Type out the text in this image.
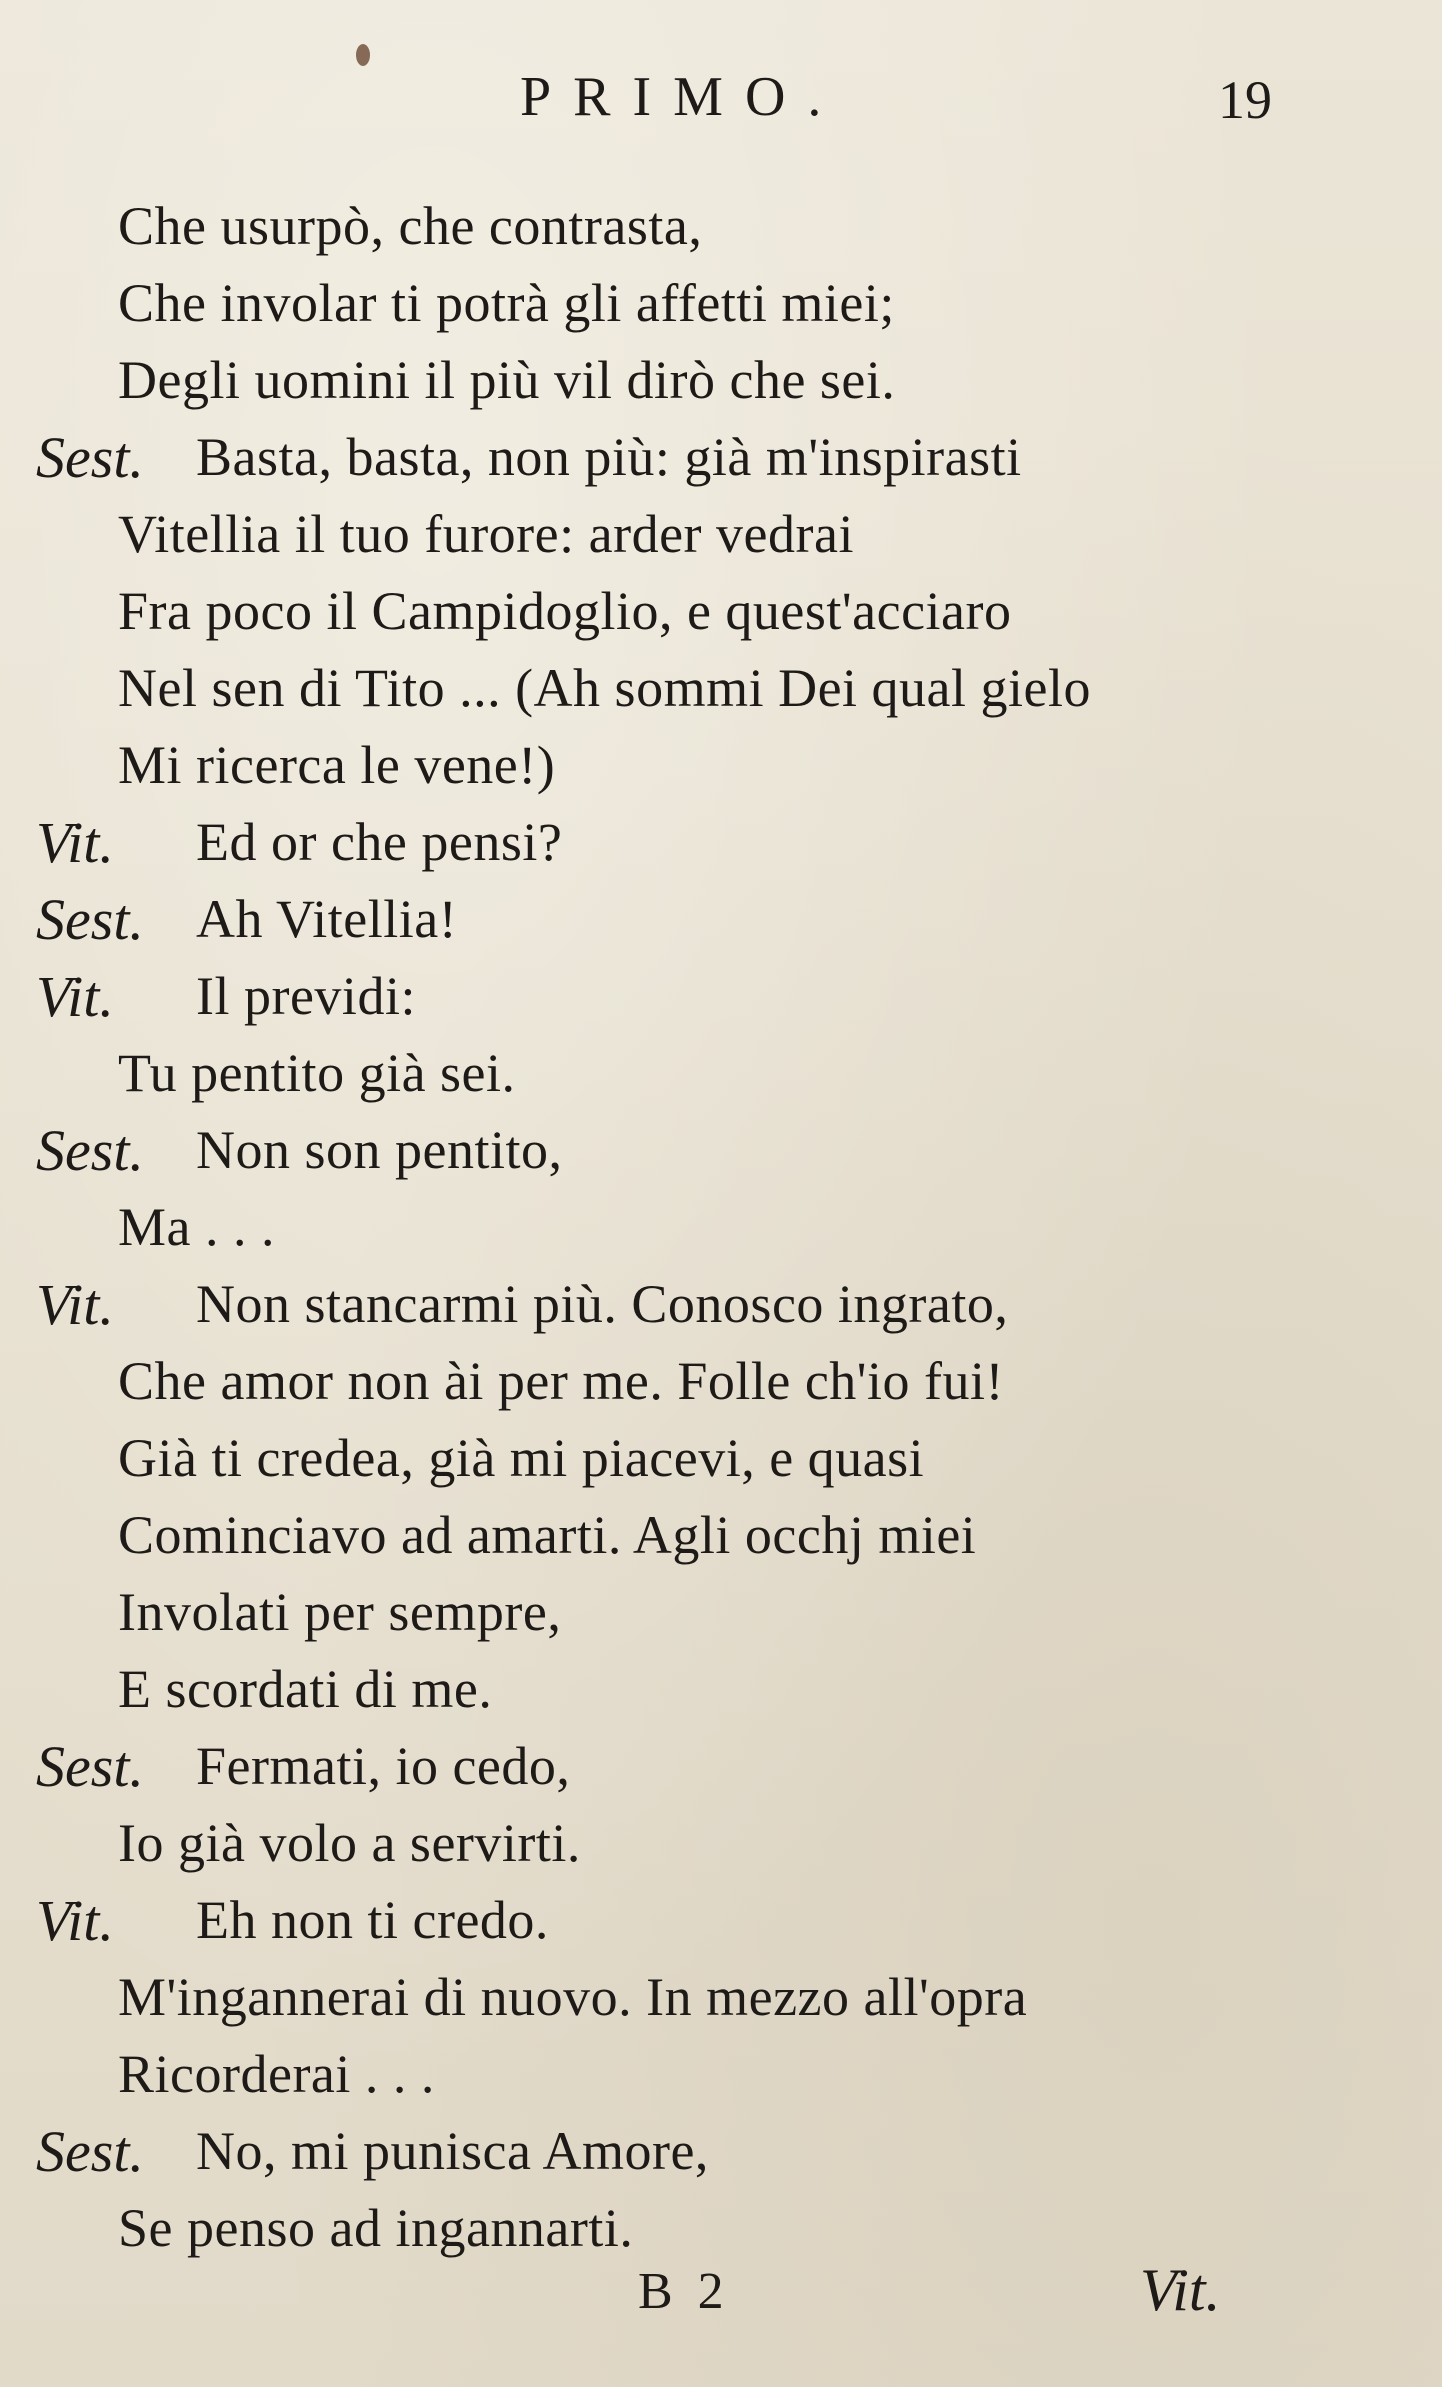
PRIMO.	19
Che usurpò, che contrasta,
Che involar ti potrà gli affetti miei;
Degli uomini il più vil dirò che sei.
Sest. Basta, basta, non più: già m'inspirasti
Vitellia il tuo furore: arder vedrai
Fra poco il Campidoglio, e quest'acciaro
Nel sen di Tito ... (Ah sommi Dei qual gielo
Mi ricerca le vene!)
Vit. Ed or che pensi?
Sest. Ah Vitellia!
Vit. Il previdi:
Tu pentito già sei.
Sest. Non son pentito,
Ma . . .
Vit. Non stancarmi più. Conosco ingrato,
Che amor non ài per me. Folle ch'io fui!
Già ti credea, già mi piacevi, e quasi
Cominciavo ad amarti. Agli occhj miei
Involati per sempre,
E scordati di me.
Sest. Fermati, io cedo,
Io già volo a servirti.
Vit. Eh non ti credo.
M'ingannerai di nuovo. In mezzo all'opra
Ricorderai . . .
Sest. No, mi punisca Amore,
Se penso ad ingannarti.
B 2	Vit.
